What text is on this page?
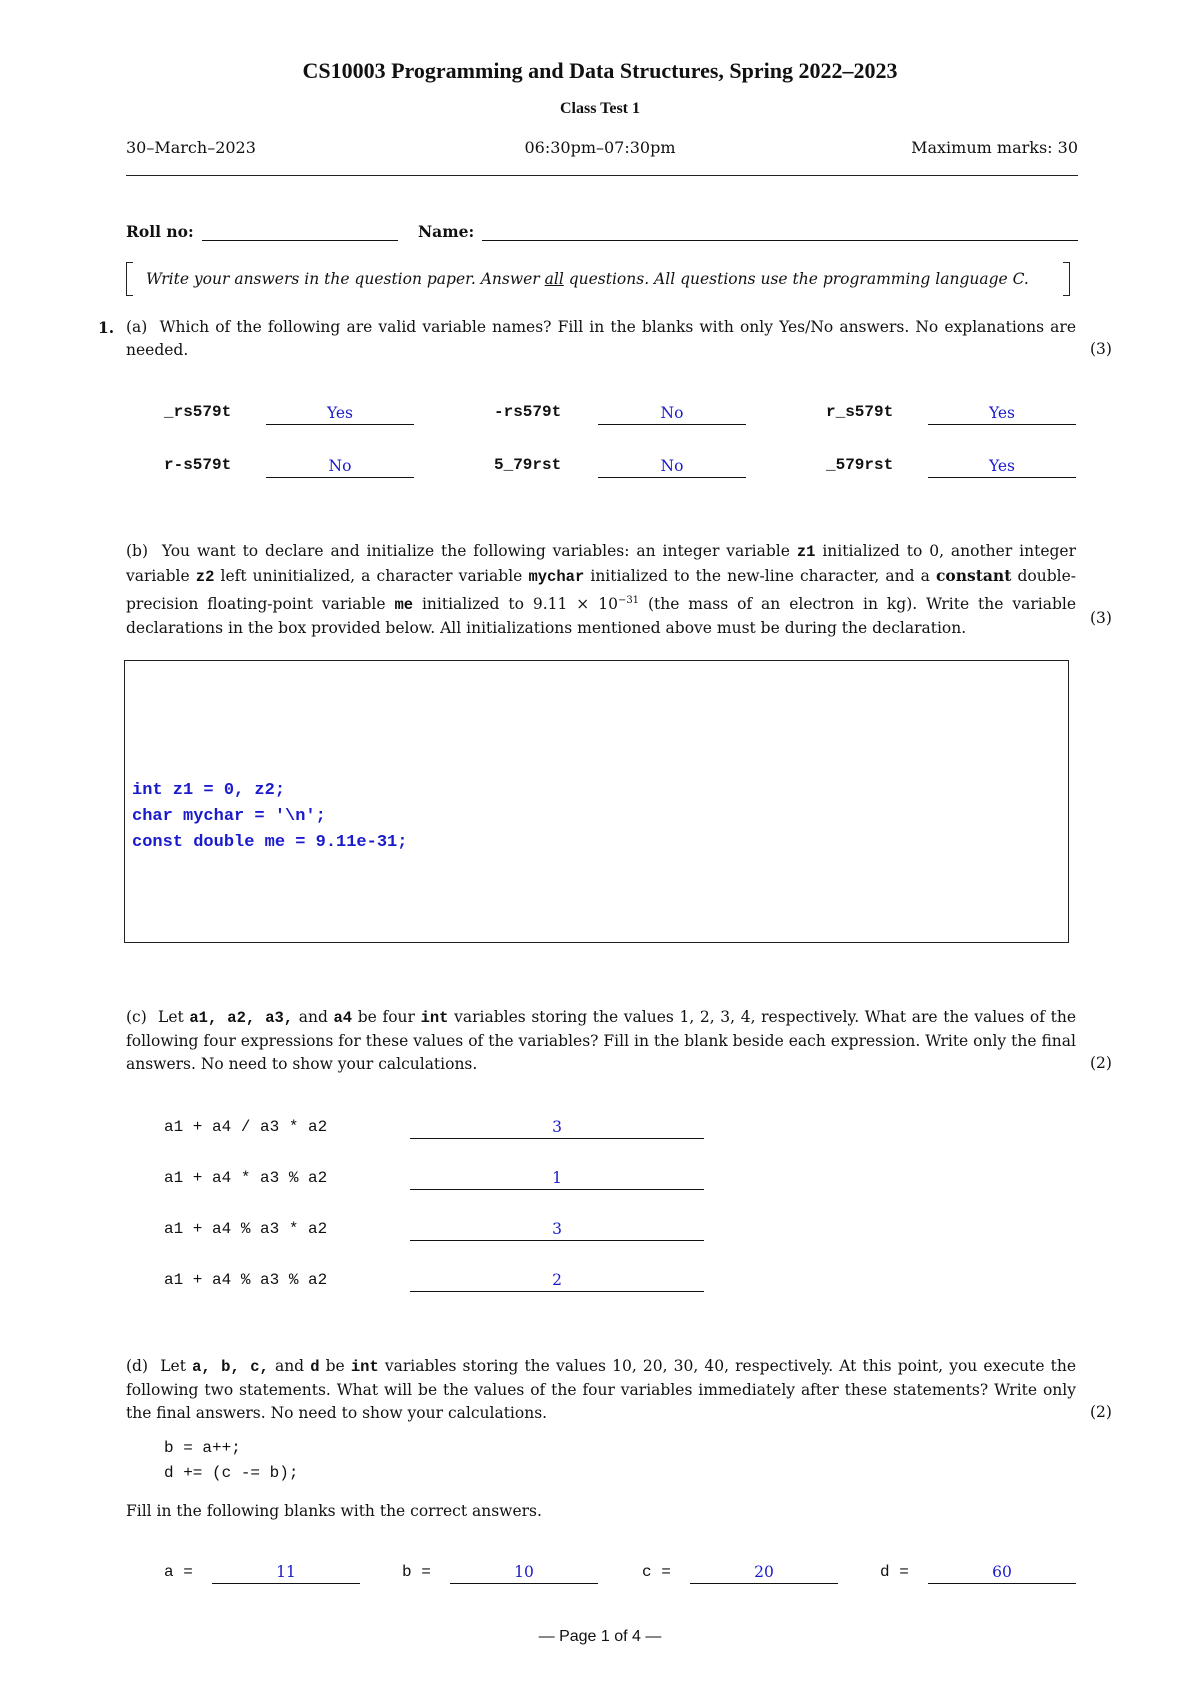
CS10003 Programming and Data Structures, Spring 2022–2023
Class Test 1
30–March–2023	06:30pm–07:30pm	Maximum marks: 30
Roll no:	Name:
Write your answers in the question paper. Answer all questions. All questions use the programming language C.
1. (a) Which of the following are valid variable names? Fill in the blanks with only Yes/No answers. No explanations are needed.	(3)
_rs579t	Yes	-rs579t	No	r_s579t	Yes
r-s579t	No	5_79rst	No	_579rst	Yes
(b) You want to declare and initialize the following variables: an integer variable z1 initialized to 0, another integer variable z2 left uninitialized, a character variable mychar initialized to the new-line character, and a constant double-precision floating-point variable me initialized to $9.11 \times 10^{-31}$ (the mass of an electron in kg). Write the variable declarations in the box provided below. All initializations mentioned above must be during the declaration.
(3)
int z1 = 0, z2;
char mychar = '\n';
const double me = 9.11e-31;
(c) Let a1, a2, a3, and a4 be four int variables storing the values 1, 2, 3, 4, respectively. What are the values of the following four expressions for these values of the variables? Fill in the blank beside each expression. Write only the final answers. No need to show your calculations.	(2)
a1 + a4 / a3 * a2	3
a1 + a4 * a3 % a2	1
a1 + a4 % a3 * a2	3
a1 + a4 % a3 % a2	2
(d) Let a, b, c, and d be int variables storing the values 10, 20, 30, 40, respectively. At this point, you execute the following two statements. What will be the values of the four variables immediately after these statements? Write only the final answers. No need to show your calculations.	(2)
b = a++;
d += (c -= b);
Fill in the following blanks with the correct answers.
a =	11	b =	10	c =	20	d =	60
— Page 1 of 4 —
